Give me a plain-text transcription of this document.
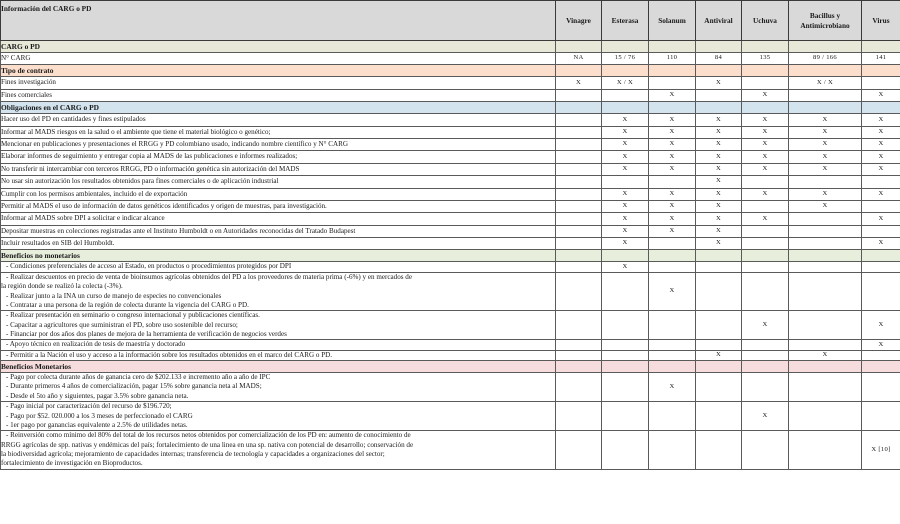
Información del CARG o PD	Vinagre	Esterasa	Solanum	Antiviral	Uchuva	Bacillus y
Antimicrobiano	Virus
CARG o PD							
N° CARG	NA	15 / 76	110	84	135	89 / 166	141
Tipo de contrato							
Fines investigación	X	X / X		X		X / X	
Fines comerciales			X		X		X
Obligaciones en el CARG o PD							
Hacer uso del PD en cantidades y fines estipulados		X	X	X	X	X	X
Informar al MADS riesgos en la salud o el ambiente que tiene el material biológico o genético;		X	X	X	X	X	X
Mencionar en publicaciones y presentaciones el RRGG y PD colombiano usado, indicando nombre científico y N° CARG		X	X	X	X	X	X
Elaborar informes de seguimiento y entregar copia al MADS de las publicaciones e informes realizados;		X	X	X	X	X	X
No transferir ni intercambiar con terceros RRGG, PD o información genética sin autorización del MADS		X	X	X	X	X	X
No usar sin autorización los resultados obtenidos para fines comerciales o de aplicación industrial				X			
Cumplir con los permisos ambientales, incluido el de exportación		X	X	X	X	X	X
Permitir al MADS el uso de información de datos genéticos identificados y origen de muestras, para investigación.		X	X	X		X	
Informar al MADS sobre DPI a solicitar e indicar alcance		X	X	X	X		X
Depositar muestras en colecciones registradas ante el Instituto Humboldt o en Autoridades reconocidas del Tratado Budapest		X	X	X			
Incluir resultados en SIB del Humboldt.		X		X			X
Beneficios no monetarios							

- Condiciones preferenciales de acceso al Estado, en productos o procedimientos protegidos por DPI		X					

- Realizar descuentos en precio de venta de bioinsumos agrícolas obtenidos del PD a los proveedores de materia prima (-6%) y en mercados de
la región donde se realizó la colecta (-3%).
- Realizar junto a la INA un curso de manejo de especies no convencionales
- Contratar a una persona de la región de colecta durante la vigencia del CARG o PD.			X				

- Realizar presentación en seminario o congreso internacional y publicaciones científicas.
- Capacitar a agricultores que suministran el PD, sobre uso sostenible del recurso;
- Financiar por dos años dos planes de mejora de la herramienta de verificación de negocios verdes					X		X

- Apoyo técnico en realización de tesis de maestría y doctorado							X

- Permitir a la Nación el uso y acceso a la información sobre los resultados obtenidos en el marco del CARG o PD.				X		X	
Beneficios Monetarios							

- Pago por colecta durante años de ganancia cero de $202.133 e incremento año a año de IPC
- Durante primeros 4 años de comercialización, pagar 15% sobre ganancia neta al MADS;
- Desde el 5to año y siguientes, pagar 3.5% sobre ganancia neta.			X				

- Pago inicial por caracterización del recurso de $196.720;
- Pago por $52. 020.000 a los 3 meses de perfeccionado el CARG
- 1er pago por ganancias equivalente a 2.5% de utilidades netas.					X		

- Reinversión como mínimo del 80% del total de los recursos netos obtenidos por comercialización de los PD en: aumento de conocimiento de
RRGG agrícolas de spp. nativas y endémicas del país; fortalecimiento de una linea en una sp. nativa con potencial de desarrollo; conservación de
la biodiversidad agrícola; mejoramiento de capacidades internas; transferencia de tecnología y capacidades a organizaciones del sector;
fortalecimiento de investigación en Bioproductos.							X [10]
